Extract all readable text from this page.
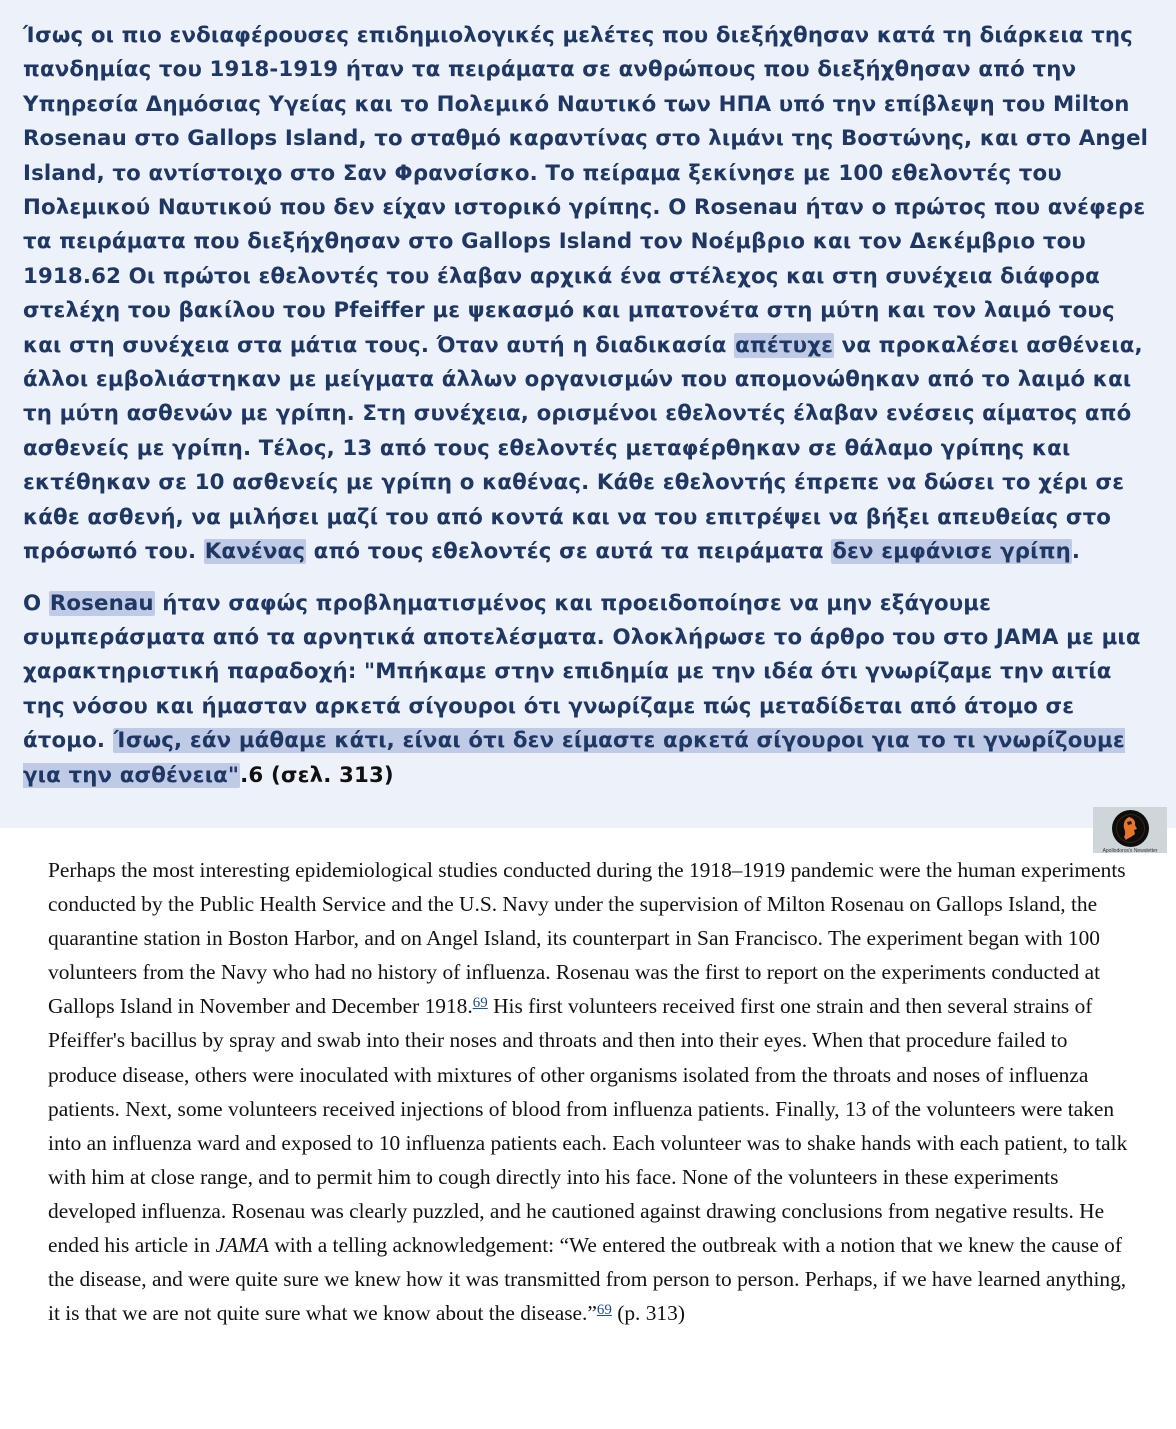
Ίσως οι πιο ενδιαφέρουσες επιδημιολογικές μελέτες που διεξήχθησαν κατά τη διάρκεια της πανδημίας του 1918-1919 ήταν τα πειράματα σε ανθρώπους που διεξήχθησαν από την Υπηρεσία Δημόσιας Υγείας και το Πολεμικό Ναυτικό των ΗΠΑ υπό την επίβλεψη του Milton Rosenau στο Gallops Island, το σταθμό καραντίνας στο λιμάνι της Βοστώνης, και στο Angel Island, το αντίστοιχο στο Σαν Φρανσίσκο. Το πείραμα ξεκίνησε με 100 εθελοντές του Πολεμικού Ναυτικού που δεν είχαν ιστορικό γρίπης. Ο Rosenau ήταν ο πρώτος που ανέφερε τα πειράματα που διεξήχθησαν στο Gallops Island τον Νοέμβριο και τον Δεκέμβριο του 1918.62 Οι πρώτοι εθελοντές του έλαβαν αρχικά ένα στέλεχος και στη συνέχεια διάφορα στελέχη του βακίλου του Pfeiffer με ψεκασμό και μπατονέτα στη μύτη και τον λαιμό τους και στη συνέχεια στα μάτια τους. Όταν αυτή η διαδικασία απέτυχε να προκαλέσει ασθένεια, άλλοι εμβολιάστηκαν με μείγματα άλλων οργανισμών που απομονώθηκαν από το λαιμό και τη μύτη ασθενών με γρίπη. Στη συνέχεια, ορισμένοι εθελοντές έλαβαν ενέσεις αίματος από ασθενείς με γρίπη. Τέλος, 13 από τους εθελοντές μεταφέρθηκαν σε θάλαμο γρίπης και εκτέθηκαν σε 10 ασθενείς με γρίπη ο καθένας. Κάθε εθελοντής έπρεπε να δώσει το χέρι σε κάθε ασθενή, να μιλήσει μαζί του από κοντά και να του επιτρέψει να βήξει απευθείας στο πρόσωπό του. Κανένας από τους εθελοντές σε αυτά τα πειράματα δεν εμφάνισε γρίπη.

Ο Rosenau ήταν σαφώς προβληματισμένος και προειδοποίησε να μην εξάγουμε συμπεράσματα από τα αρνητικά αποτελέσματα. Ολοκλήρωσε το άρθρο του στο JAMA με μια χαρακτηριστική παραδοχή: "Μπήκαμε στην επιδημία με την ιδέα ότι γνωρίζαμε την αιτία της νόσου και ήμασταν αρκετά σίγουροι ότι γνωρίζαμε πώς μεταδίδεται από άτομο σε άτομο. Ίσως, εάν μάθαμε κάτι, είναι ότι δεν είμαστε αρκετά σίγουροι για το τι γνωρίζουμε για την ασθένεια".6 (σελ. 313)

Apollodoros's Newsletter

Perhaps the most interesting epidemiological studies conducted during the 1918–1919 pandemic were the human experiments conducted by the Public Health Service and the U.S. Navy under the supervision of Milton Rosenau on Gallops Island, the quarantine station in Boston Harbor, and on Angel Island, its counterpart in San Francisco. The experiment began with 100 volunteers from the Navy who had no history of influenza. Rosenau was the first to report on the experiments conducted at Gallops Island in November and December 1918.69 His first volunteers received first one strain and then several strains of Pfeiffer's bacillus by spray and swab into their noses and throats and then into their eyes. When that procedure failed to produce disease, others were inoculated with mixtures of other organisms isolated from the throats and noses of influenza patients. Next, some volunteers received injections of blood from influenza patients. Finally, 13 of the volunteers were taken into an influenza ward and exposed to 10 influenza patients each. Each volunteer was to shake hands with each patient, to talk with him at close range, and to permit him to cough directly into his face. None of the volunteers in these experiments developed influenza. Rosenau was clearly puzzled, and he cautioned against drawing conclusions from negative results. He ended his article in JAMA with a telling acknowledgement: “We entered the outbreak with a notion that we knew the cause of the disease, and were quite sure we knew how it was transmitted from person to person. Perhaps, if we have learned anything, it is that we are not quite sure what we know about the disease.”$^{69}$ (p. 313)
